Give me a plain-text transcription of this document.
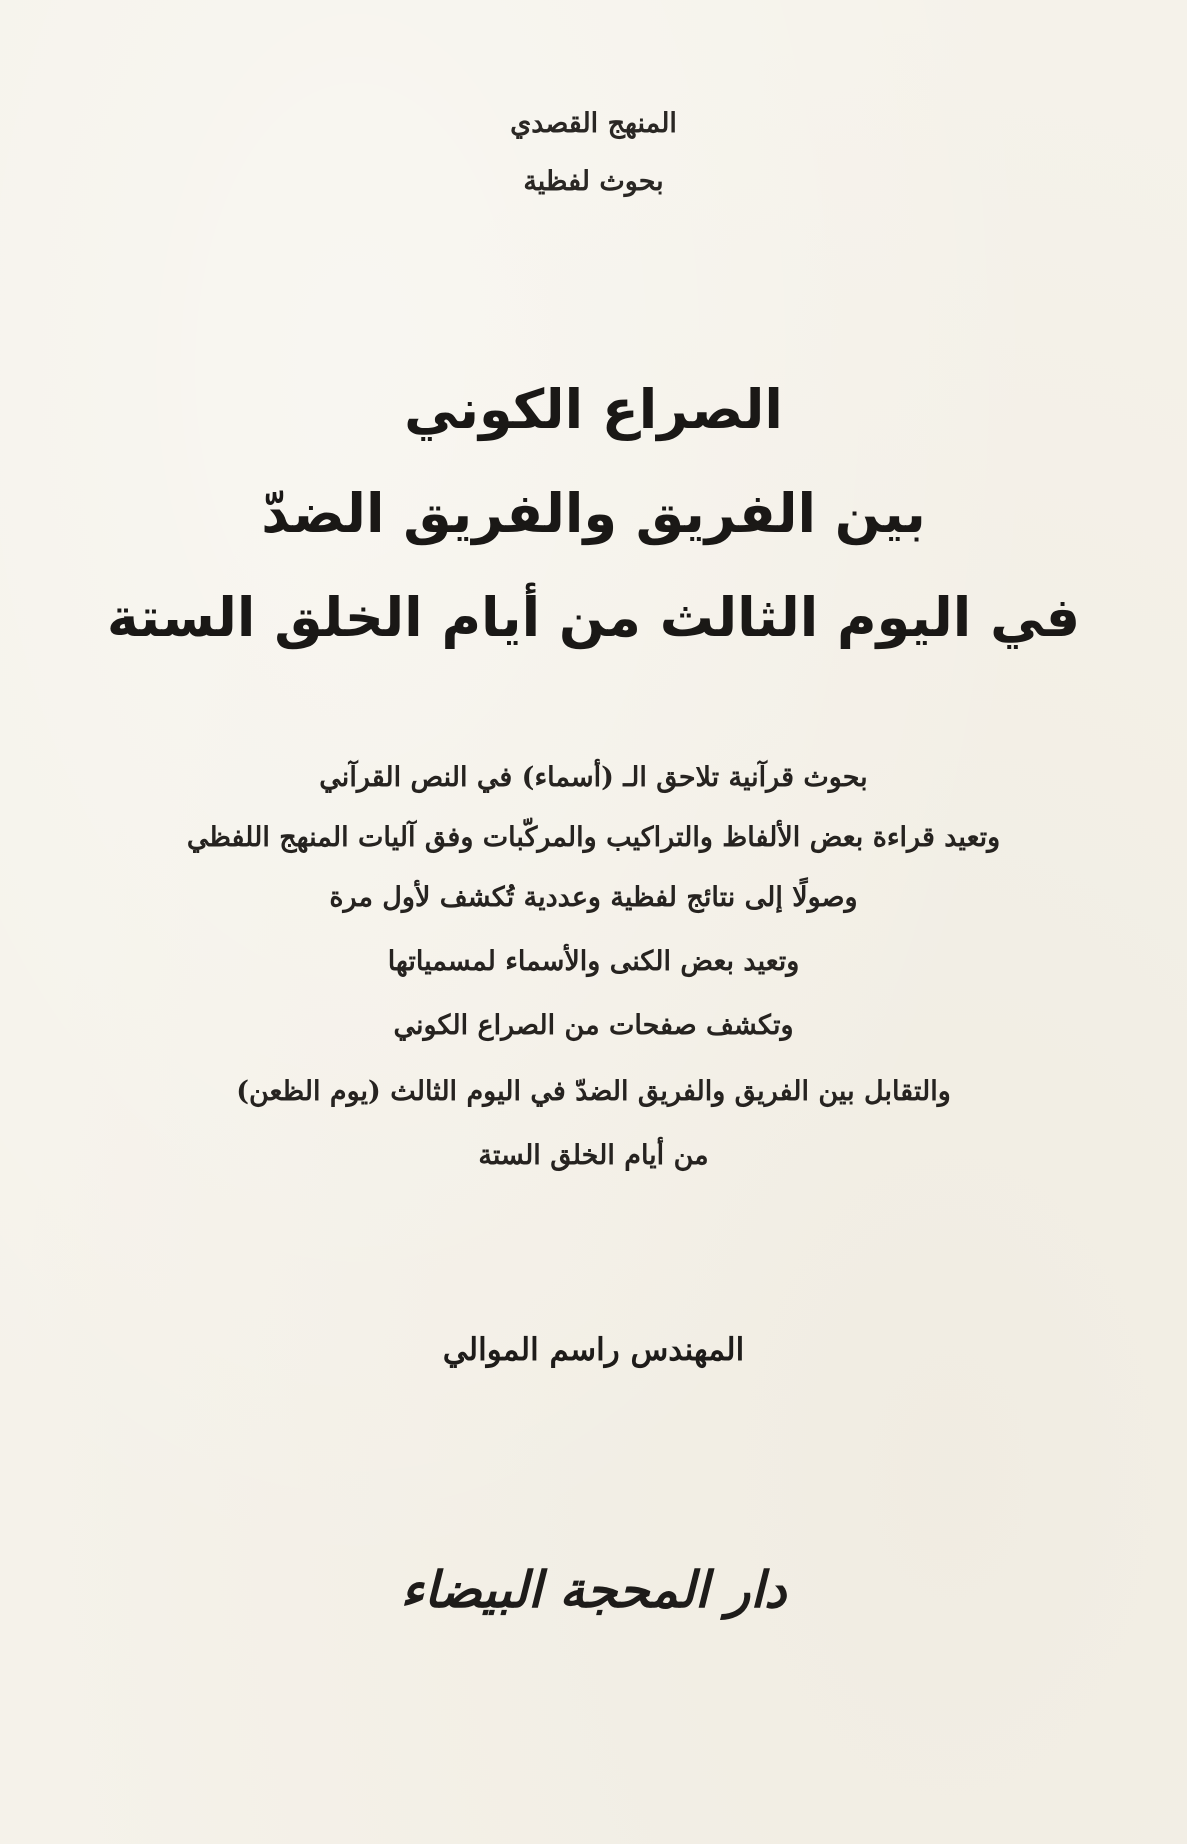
المنهج القصدي

بحوث لفظية

الصراع الكوني

بين الفريق والفريق الضدّ

في اليوم الثالث من أيام الخلق الستة

بحوث قرآنية تلاحق الـ (أسماء) في النص القرآني

وتعيد قراءة بعض الألفاظ والتراكيب والمركّبات وفق آليات المنهج اللفظي

وصولًا إلى نتائج لفظية وعددية تُكشف لأول مرة

وتعيد بعض الكنى والأسماء لمسمياتها

وتكشف صفحات من الصراع الكوني

والتقابل بين الفريق والفريق الضدّ في اليوم الثالث (يوم الظعن)

من أيام الخلق الستة

المهندس راسم الموالي

دار المحجة البيضاء
